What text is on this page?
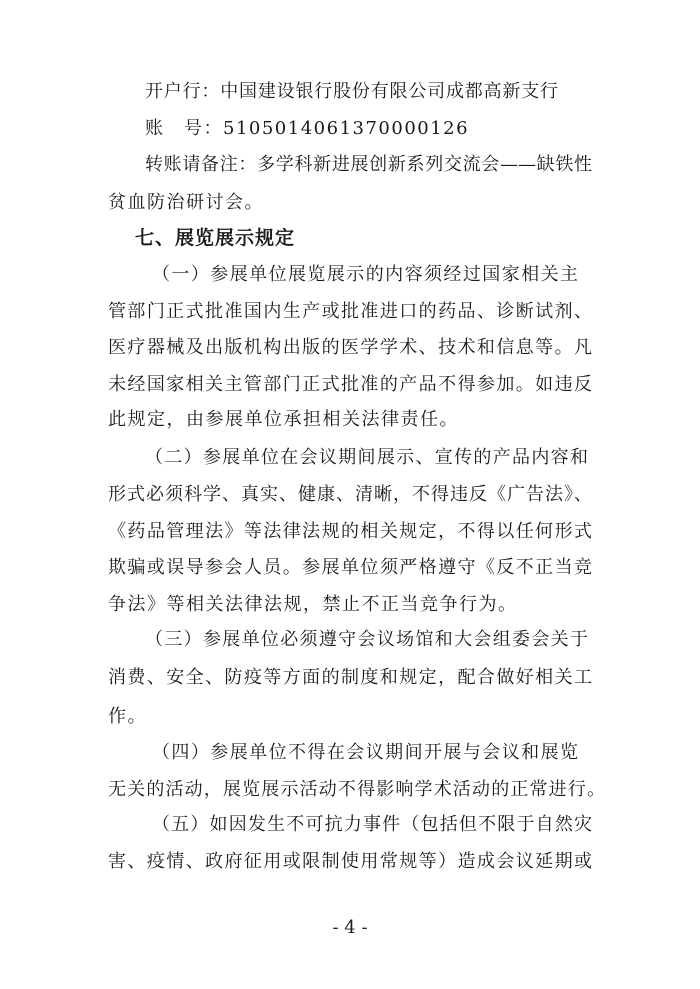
开户行：中国建设银行股份有限公司成都高新支行
账　号：5105014061370000126
转账请备注：多学科新进展创新系列交流会——缺铁性
贫血防治研讨会。
七、展览展示规定
（一）参展单位展览展示的内容须经过国家相关主
管部门正式批准国内生产或批准进口的药品、诊断试剂、
医疗器械及出版机构出版的医学学术、技术和信息等。凡
未经国家相关主管部门正式批准的产品不得参加。如违反
此规定，由参展单位承担相关法律责任。
（二）参展单位在会议期间展示、宣传的产品内容和
形式必须科学、真实、健康、清晰，不得违反《广告法》、
《药品管理法》等法律法规的相关规定，不得以任何形式
欺骗或误导参会人员。参展单位须严格遵守《反不正当竞
争法》等相关法律法规，禁止不正当竞争行为。
（三）参展单位必须遵守会议场馆和大会组委会关于
消费、安全、防疫等方面的制度和规定，配合做好相关工
作。
（四）参展单位不得在会议期间开展与会议和展览
无关的活动，展览展示活动不得影响学术活动的正常进行。
（五）如因发生不可抗力事件（包括但不限于自然灾
害、疫情、政府征用或限制使用常规等）造成会议延期或
- 4 -
